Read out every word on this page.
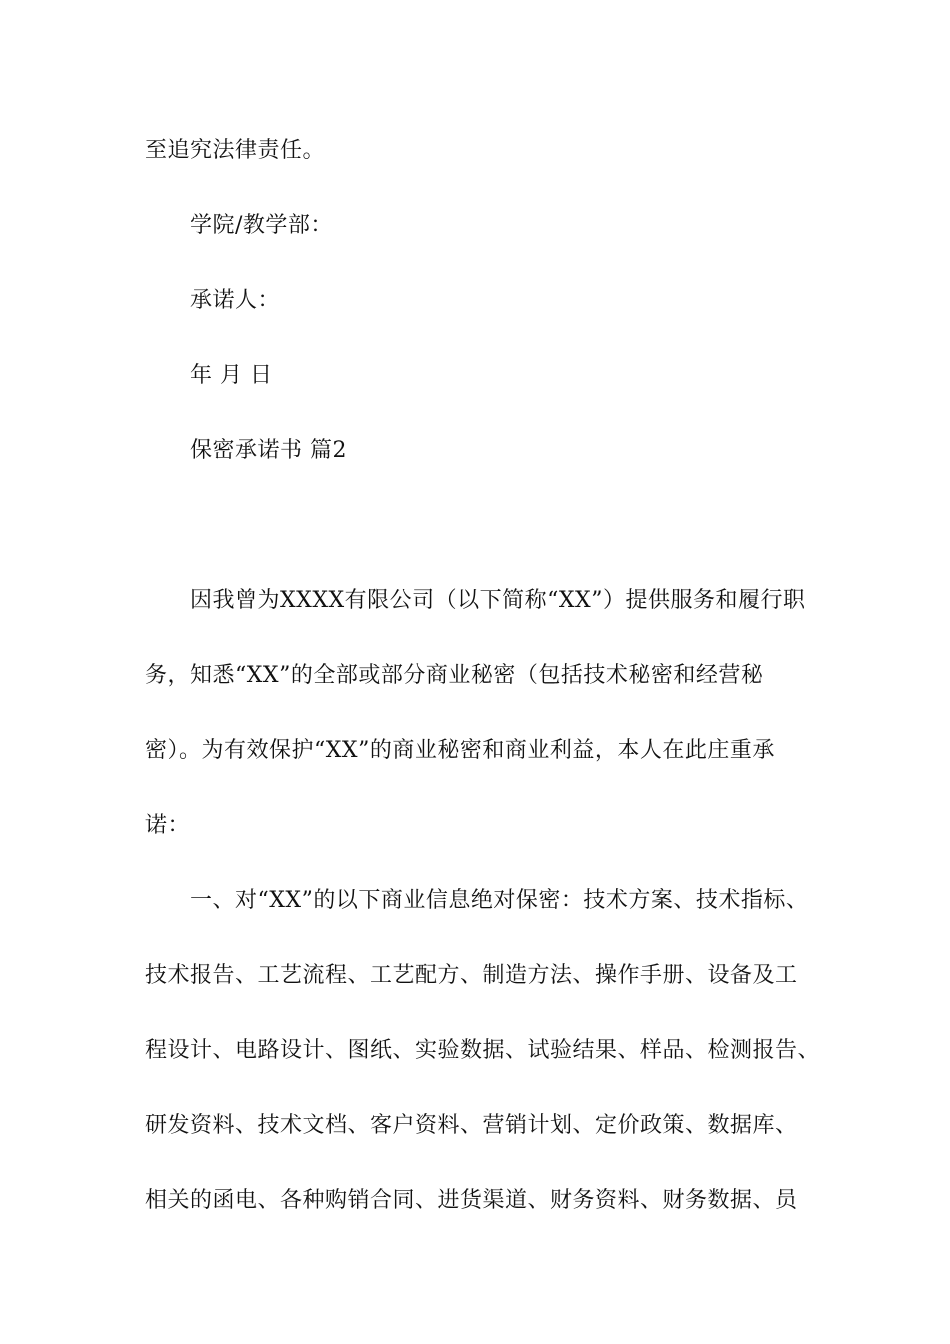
至追究法律责任。
学院/教学部：
承诺人：
年 月 日
保密承诺书 篇2
因我曾为XXXX有限公司（以下简称“XX”）提供服务和履行职
务，知悉“XX”的全部或部分商业秘密（包括技术秘密和经营秘
密）。为有效保护“XX”的商业秘密和商业利益，本人在此庄重承
诺：
一、对“XX”的以下商业信息绝对保密：技术方案、技术指标、
技术报告、工艺流程、工艺配方、制造方法、操作手册、设备及工
程设计、电路设计、图纸、实验数据、试验结果、样品、检测报告、
研发资料、技术文档、客户资料、营销计划、定价政策、数据库、
相关的函电、各种购销合同、进货渠道、财务资料、财务数据、员
